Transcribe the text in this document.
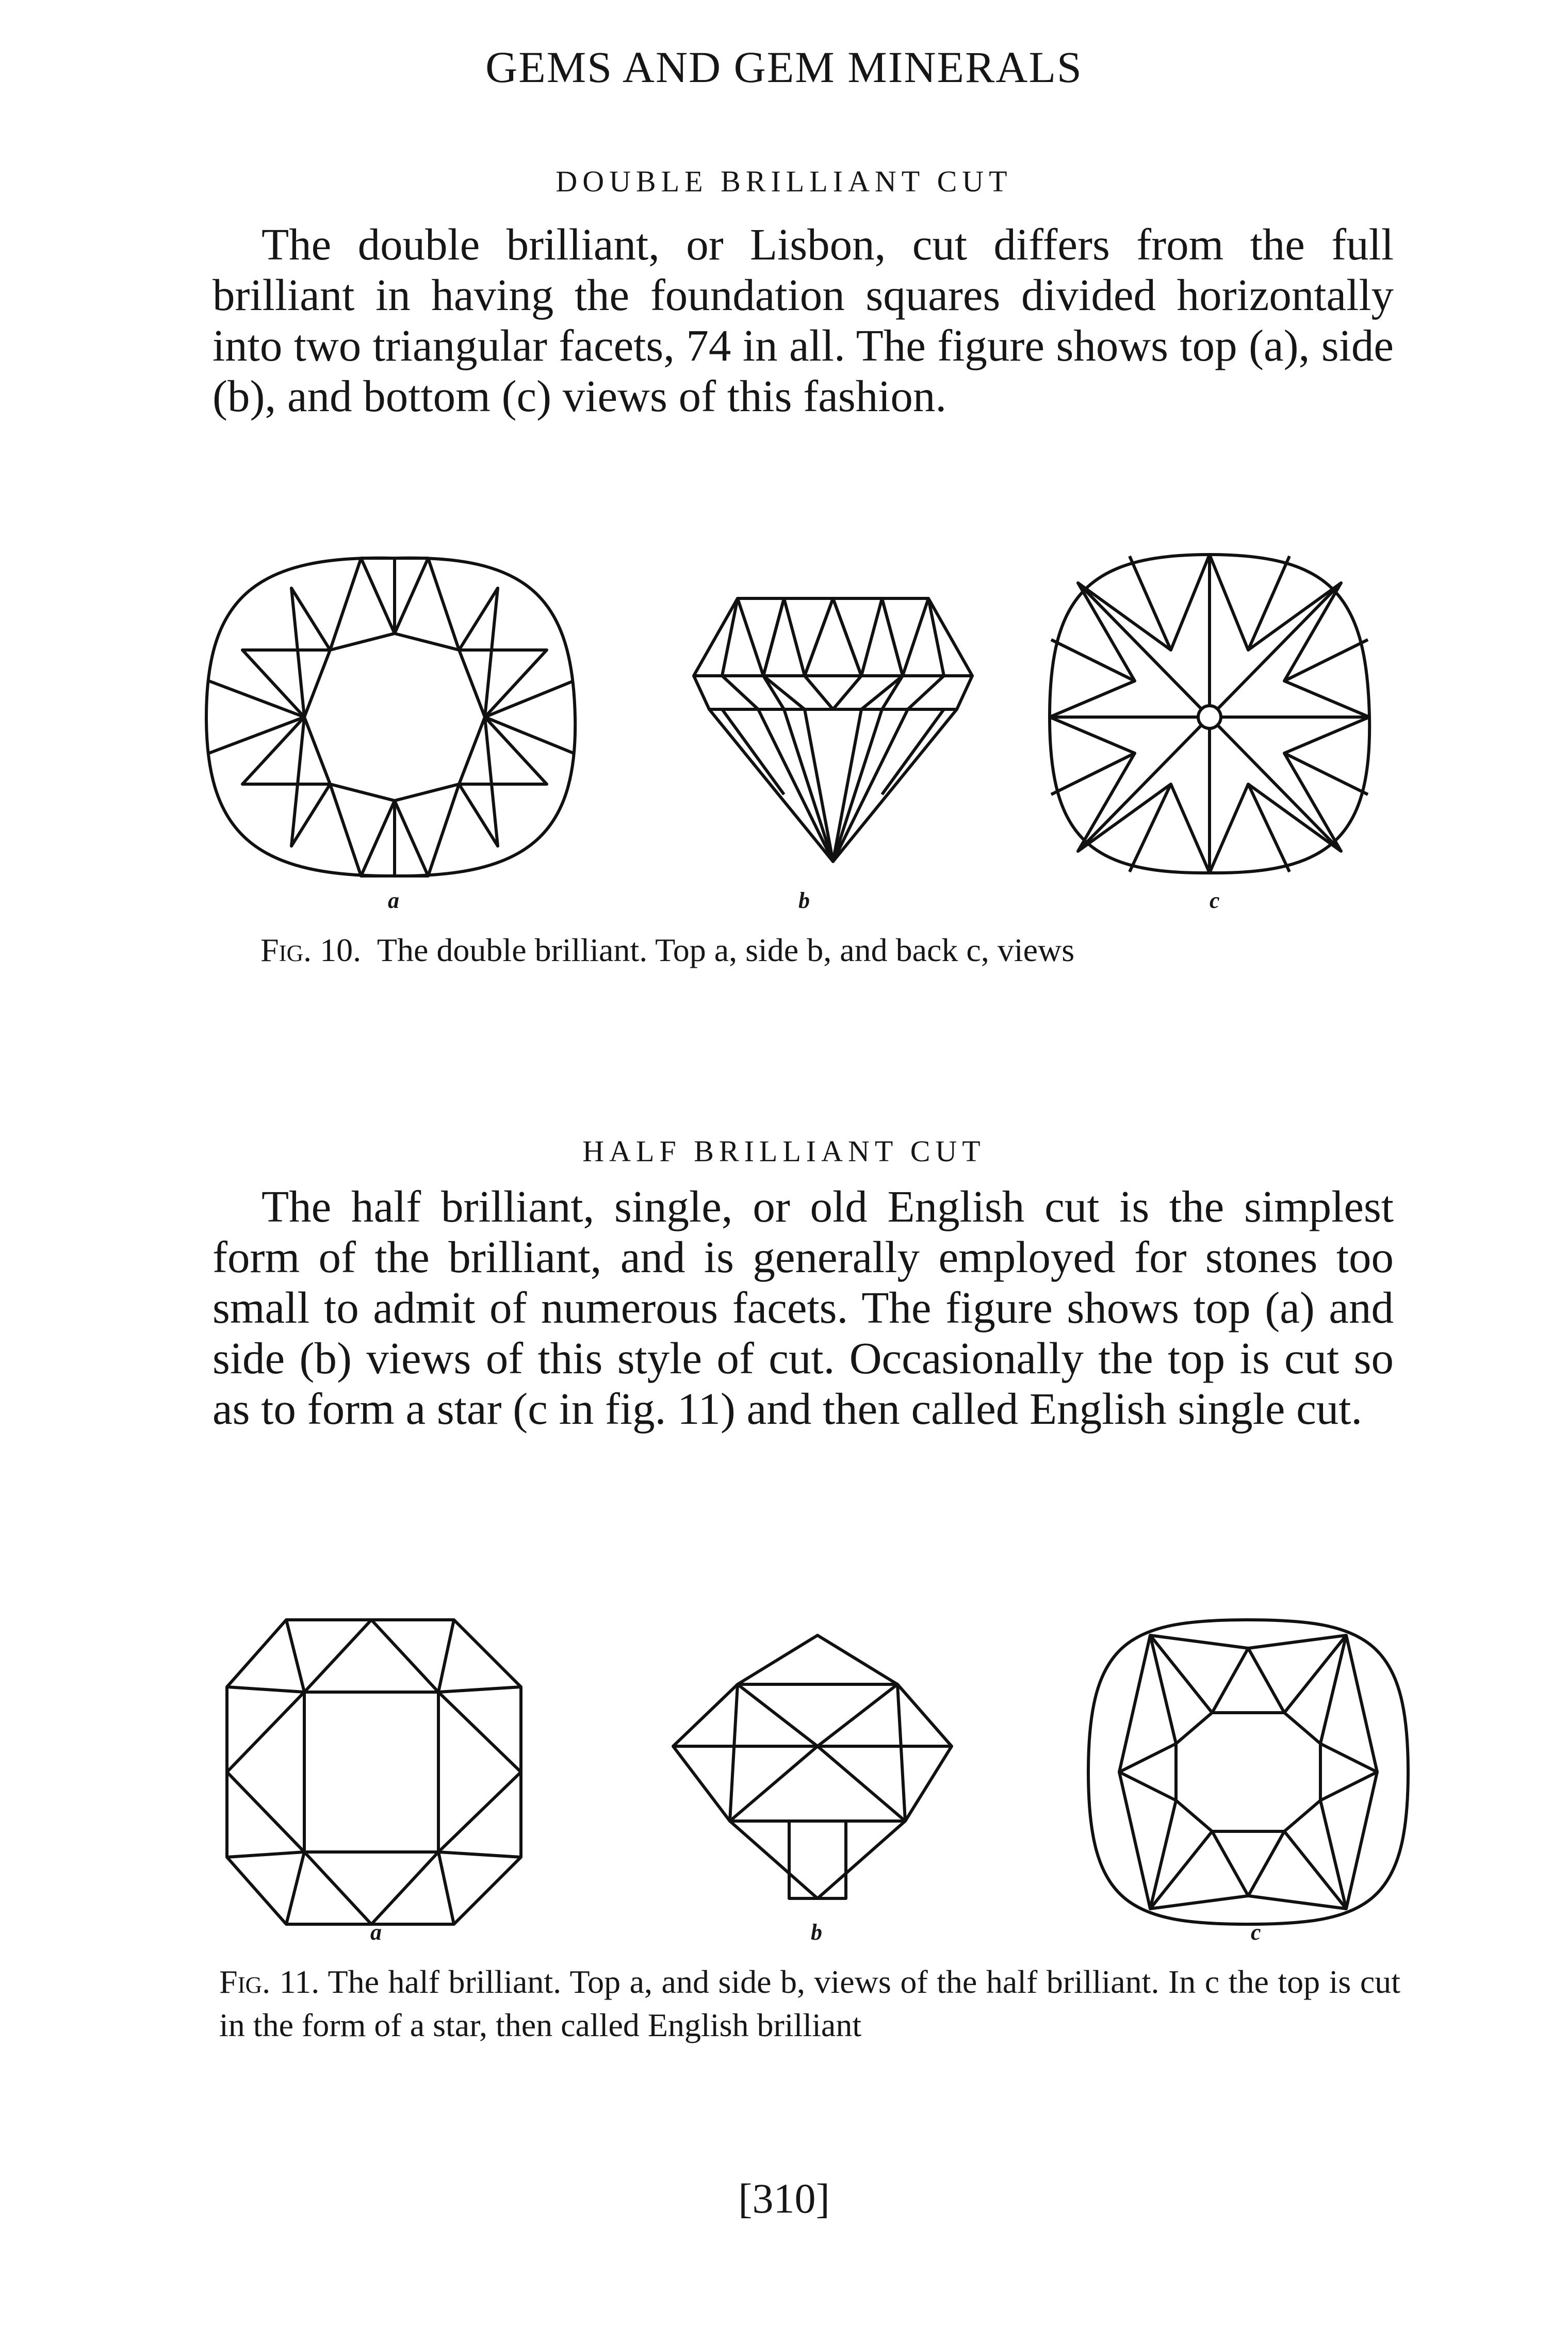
GEMS AND GEM MINERALS
DOUBLE BRILLIANT CUT

The double brilliant, or Lisbon, cut differs from the full brilliant in having the foundation squares divided horizontally into two triangular facets, 74 in all. The figure shows top (a), side (b), and bottom (c) views of this fashion.

a	b	c

Fig. 10. The double brilliant. Top a, side b, and back c, views

HALF BRILLIANT CUT

The half brilliant, single, or old English cut is the simplest form of the brilliant, and is generally employed for stones too small to admit of numerous facets. The figure shows top (a) and side (b) views of this style of cut. Occasionally the top is cut so as to form a star (c in fig. 11) and then called English single cut.

a	b	c

Fig. 11. The half brilliant. Top a, and side b, views of the half brilliant. In c the top is cut in the form of a star, then called English brilliant

[310]
